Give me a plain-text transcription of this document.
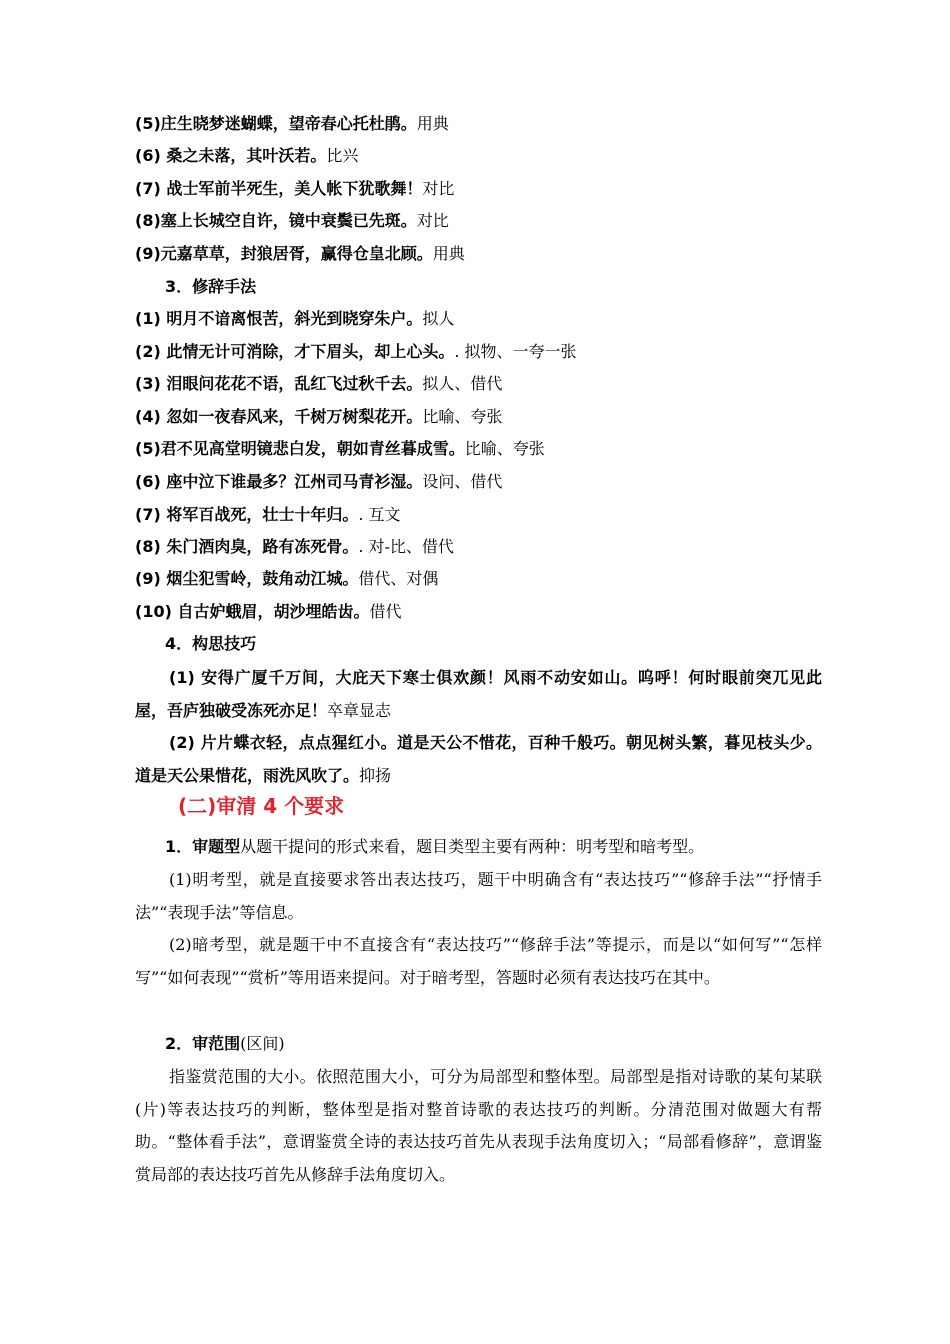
(5)庄生晓梦迷蝴蝶，望帝春心托杜鹃。用典
(6) 桑之未落，其叶沃若。比兴
(7) 战士军前半死生，美人帐下犹歌舞！对比
(8)塞上长城空自许，镜中衰鬓已先斑。对比
(9)元嘉草草，封狼居胥，赢得仓皇北顾。用典
3．修辞手法
(1) 明月不谙离恨苦，斜光到晓穿朱户。拟人
(2) 此情无计可消除，才下眉头，却上心头。. 拟物、一夸一张
(3) 泪眼问花花不语，乱红飞过秋千去。拟人、借代
(4) 忽如一夜春风来，千树万树梨花开。比喻、夸张
(5)君不见高堂明镜悲白发，朝如青丝暮成雪。比喻、夸张
(6) 座中泣下谁最多？江州司马青衫湿。设问、借代
(7) 将军百战死，壮士十年归。. 互文
(8) 朱门酒肉臭，路有冻死骨。. 对-比、借代
(9) 烟尘犯雪岭，鼓角动江城。借代、对偶
(10) 自古妒蛾眉，胡沙埋皓齿。借代
4．构思技巧
(1) 安得广厦千万间，大庇天下寒士俱欢颜！风雨不动安如山。呜呼！何时眼前突兀见此屋，吾庐独破受冻死亦足！卒章显志
(2) 片片蝶衣轻，点点猩红小。道是天公不惜花，百种千般巧。朝见树头繁，暮见枝头少。道是天公果惜花，雨洗风吹了。抑扬
(二)审清 4 个要求
1．审题型从题干提问的形式来看，题目类型主要有两种：明考型和暗考型。
(1)明考型，就是直接要求答出表达技巧，题干中明确含有“表达技巧”“修辞手法”“抒情手法”“表现手法”等信息。
(2)暗考型，就是题干中不直接含有“表达技巧”“修辞手法”等提示，而是以“如何写”“怎样写”“如何表现”“赏析”等用语来提问。对于暗考型，答题时必须有表达技巧在其中。
2．审范围(区间)
指鉴赏范围的大小。依照范围大小，可分为局部型和整体型。局部型是指对诗歌的某句某联(片)等表达技巧的判断，整体型是指对整首诗歌的表达技巧的判断。分清范围对做题大有帮助。“整体看手法”，意谓鉴赏全诗的表达技巧首先从表现手法角度切入；“局部看修辞”，意谓鉴赏局部的表达技巧首先从修辞手法角度切入。
